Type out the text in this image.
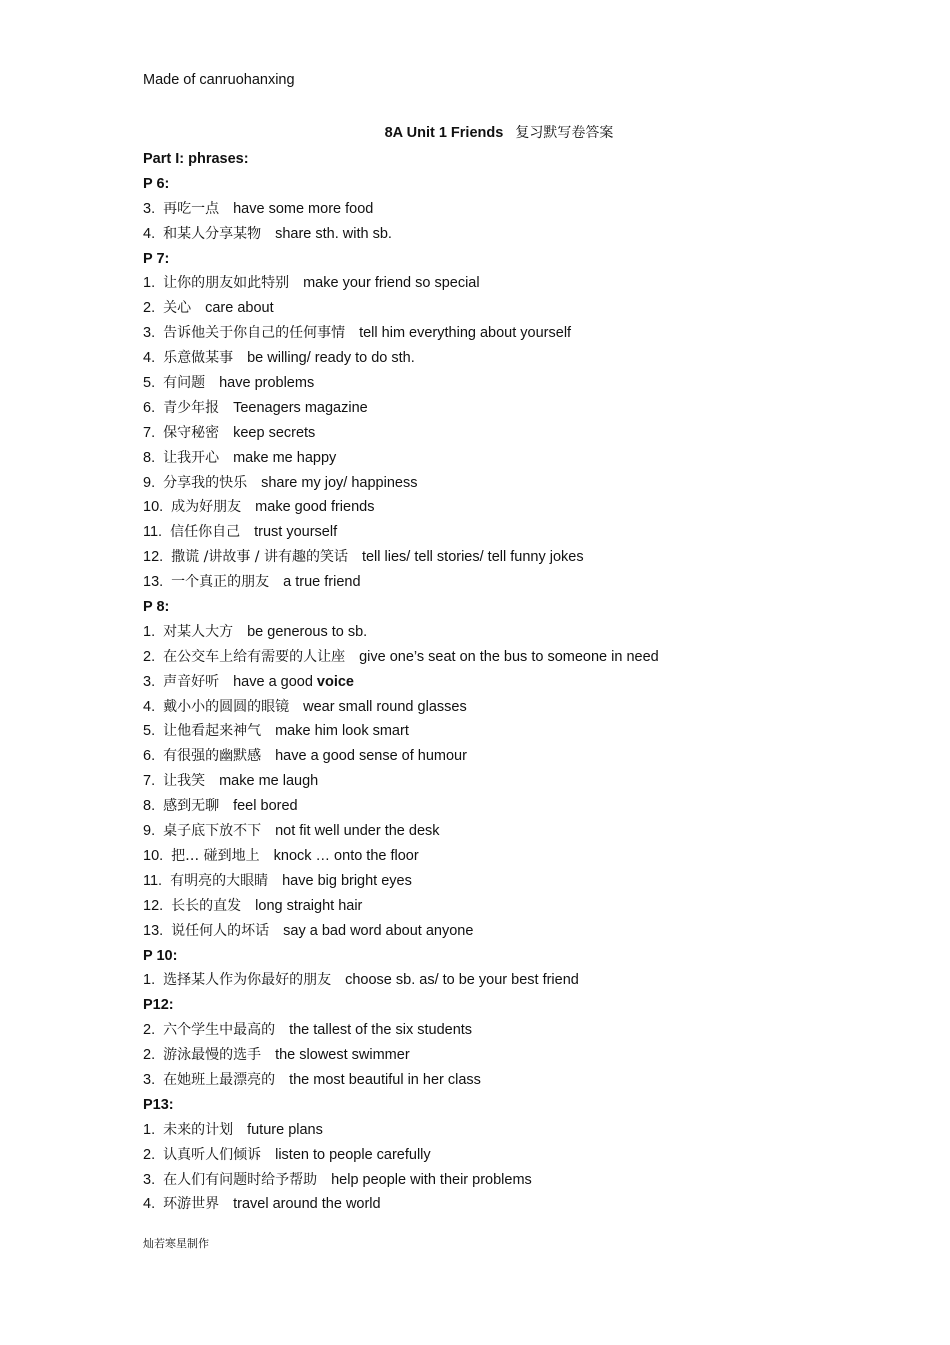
Made of canruohanxing
8A Unit 1 Friends 复习默写卷答案
Part I: phrases:
P 6:
3. 再吃一点 have some more food
4. 和某人分享某物 share sth. with sb.
P 7:
1. 让你的朋友如此特别 make your friend so special
2. 关心 care about
3. 告诉他关于你自己的任何事情 tell him everything about yourself
4. 乐意做某事 be willing/ ready to do sth.
5. 有问题 have problems
6. 青少年报 Teenagers magazine
7. 保守秘密 keep secrets
8. 让我开心 make me happy
9. 分享我的快乐 share my joy/ happiness
10. 成为好朋友 make good friends
11. 信任你自己 trust yourself
12. 撒谎 /讲故事 / 讲有趣的笑话 tell lies/ tell stories/ tell funny jokes
13. 一个真正的朋友 a true friend
P 8:
1. 对某人大方 be generous to sb.
2. 在公交车上给有需要的人让座 give one’s seat on the bus to someone in need
3. 声音好听 have a good voice
4. 戴小小的圆圆的眼镜 wear small round glasses
5. 让他看起来神气 make him look smart
6. 有很强的幽默感 have a good sense of humour
7. 让我笑 make me laugh
8. 感到无聊 feel bored
9. 桌子底下放不下 not fit well under the desk
10. 把… 碰到地上 knock … onto the floor
11. 有明亮的大眼睛 have big bright eyes
12. 长长的直发 long straight hair
13. 说任何人的坏话 say a bad word about anyone
P 10:
1. 选择某人作为你最好的朋友 choose sb. as/ to be your best friend
P12:
2. 六个学生中最高的 the tallest of the six students
2. 游泳最慢的选手 the slowest swimmer
3. 在她班上最漂亮的 the most beautiful in her class
P13:
1. 未来的计划 future plans
2. 认真听人们倾诉 listen to people carefully
3. 在人们有问题时给予帮助 help people with their problems
4. 环游世界 travel around the world
灿若寒星制作
